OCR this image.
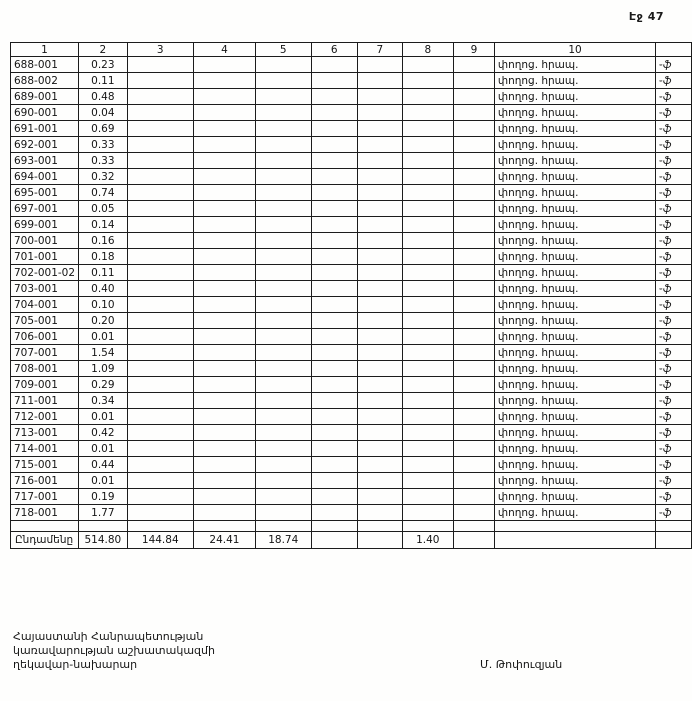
Էջ 47
1	2	3	4	5	6	7	8	9	10	
688-001	0.23								փողոց. հրապ.	֊ֆ
688-002	0.11								փողոց. հրապ.	֊ֆ
689-001	0.48								փողոց. հրապ.	֊ֆ
690-001	0.04								փողոց. հրապ.	֊ֆ
691-001	0.69								փողոց. հրապ.	֊ֆ
692-001	0.33								փողոց. հրապ.	֊ֆ
693-001	0.33								փողոց. հրապ.	֊ֆ
694-001	0.32								փողոց. հրապ.	֊ֆ
695-001	0.74								փողոց. հրապ.	֊ֆ
697-001	0.05								փողոց. հրապ.	֊ֆ
699-001	0.14								փողոց. հրապ.	֊ֆ
700-001	0.16								փողոց. հրապ.	֊ֆ
701-001	0.18								փողոց. հրապ.	֊ֆ
702-001-02	0.11								փողոց. հրապ.	֊ֆ
703-001	0.40								փողոց. հրապ.	֊ֆ
704-001	0.10								փողոց. հրապ.	֊ֆ
705-001	0.20								փողոց. հրապ.	֊ֆ
706-001	0.01								փողոց. հրապ.	֊ֆ
707-001	1.54								փողոց. հրապ.	֊ֆ
708-001	1.09								փողոց. հրապ.	֊ֆ
709-001	0.29								փողոց. հրապ.	֊ֆ
711-001	0.34								փողոց. հրապ.	֊ֆ
712-001	0.01								փողոց. հրապ.	֊ֆ
713-001	0.42								փողոց. հրապ.	֊ֆ
714-001	0.01								փողոց. հրապ.	֊ֆ
715-001	0.44								փողոց. հրապ.	֊ֆ
716-001	0.01								փողոց. հրապ.	֊ֆ
717-001	0.19								փողոց. հրապ.	֊ֆ
718-001	1.77								փողոց. հրապ.	֊ֆ

Ընդամենը	514.80	144.84	24.41	18.74			1.40			
Հայաստանի Հանրապետության
կառավարության աշխատակազմի
ղեկավար-նախարար	Մ. Թոփուզյան
